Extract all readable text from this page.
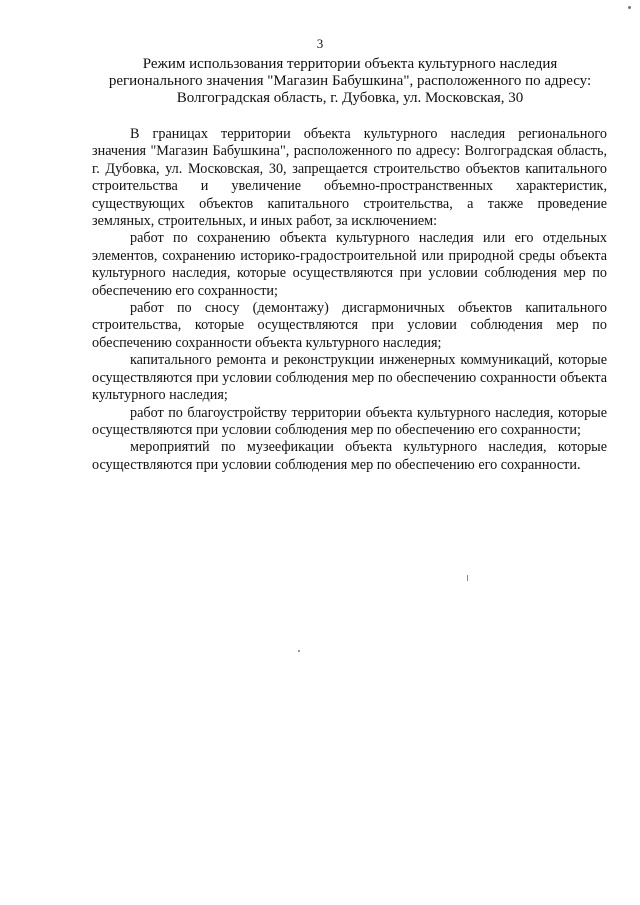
3
Режим использования территории объекта культурного наследия
регионального значения "Магазин Бабушкина", расположенного по адресу:
Волгоградская область, г. Дубовка, ул. Московская, 30

В границах территории объекта культурного наследия регионального значения "Магазин Бабушкина", расположенного по адресу: Волгоградская область, г. Дубовка, ул. Московская, 30, запрещается строительство объектов капитального строительства и увеличение объемно-пространственных характеристик, существующих объектов капитального строительства, а также проведение земляных, строительных, и иных работ, за исключением:

работ по сохранению объекта культурного наследия или его отдельных элементов, сохранению историко-градостроительной или природной среды объекта культурного наследия, которые осуществляются при условии соблюдения мер по обеспечению его сохранности;

работ по сносу (демонтажу) дисгармоничных объектов капитального строительства, которые осуществляются при условии соблюдения мер по обеспечению сохранности объекта культурного наследия;

капитального ремонта и реконструкции инженерных коммуникаций, которые осуществляются при условии соблюдения мер по обеспечению сохранности объекта культурного наследия;

работ по благоустройству территории объекта культурного наследия, которые осуществляются при условии соблюдения мер по обеспечению его сохранности;

мероприятий по музеефикации объекта культурного наследия, которые осуществляются при условии соблюдения мер по обеспечению его сохранности.
